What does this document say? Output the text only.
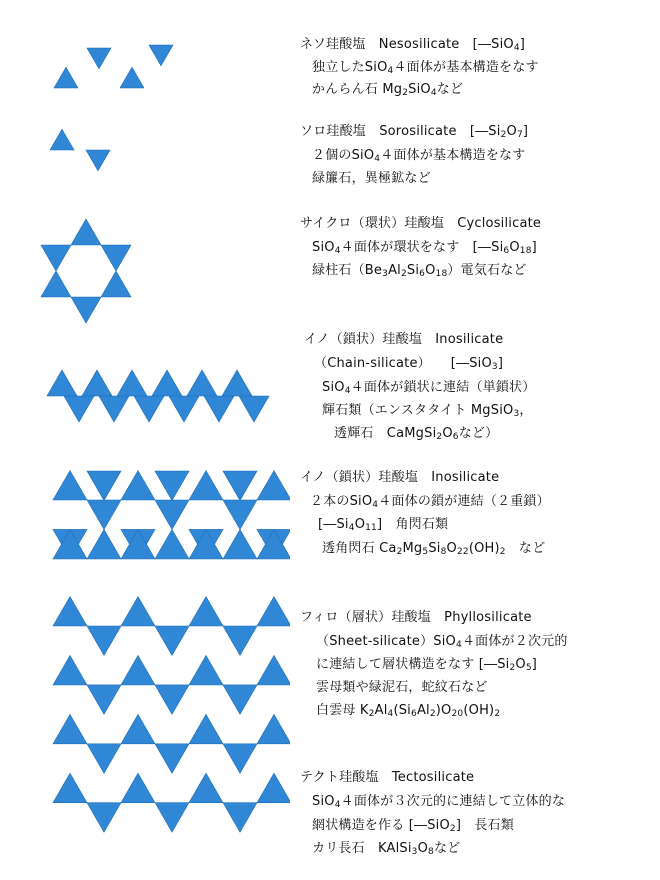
ネソ珪酸塩　Nesosilicate　[―SiO$_4$]
独立したSiO$_4$４面体が基本構造をなす
かんらん石 $Mg_2SiO_4$など
ソロ珪酸塩　Sorosilicate　$[―Si_2O_7]$
２個のSiO$_4$４面体が基本構造をなす
緑簾石，異極鉱など
サイクロ（環状）珪酸塩　Cyclosilicate
SiO$_4$４面体が環状をなす　$[―Si_6O_{18}]$
緑柱石$(Be_3Al_2Si_6O_{18})$電気石など
イノ（鎖状）珪酸塩　Inosilicate
（Chain-silicate）　　[―SiO$_3$]
SiO$_4$４面体が鎖状に連結（単鎖状）
輝石類（エンスタタイト MgSiO$_3$，
透輝石　$CaMgSi_2O_6$など）
イノ（鎖状）珪酸塩　Inosilicate
２本のSiO$_4$４面体の鎖が連結（２重鎖）
$[―Si_4O_{11}]$　角閃石類
透角閃石 $Ca_2Mg_5Si_8O_{22}(OH)_2$　など
フィロ（層状）珪酸塩　Phyllosilicate
（Sheet-silicate）SiO$_4$４面体が２次元的
に連結して層状構造をなす $[―Si_2O_5]$
雲母類や緑泥石，蛇紋石など
白雲母 $K_2Al_4(Si_6Al_2)O_{20}(OH)_2$
テクト珪酸塩　Tectosilicate
SiO$_4$４面体が３次元的に連結して立体的な
網状構造を作る [―SiO$_2$]　長石類
カリ長石　$KAlSi_3O_8$など
